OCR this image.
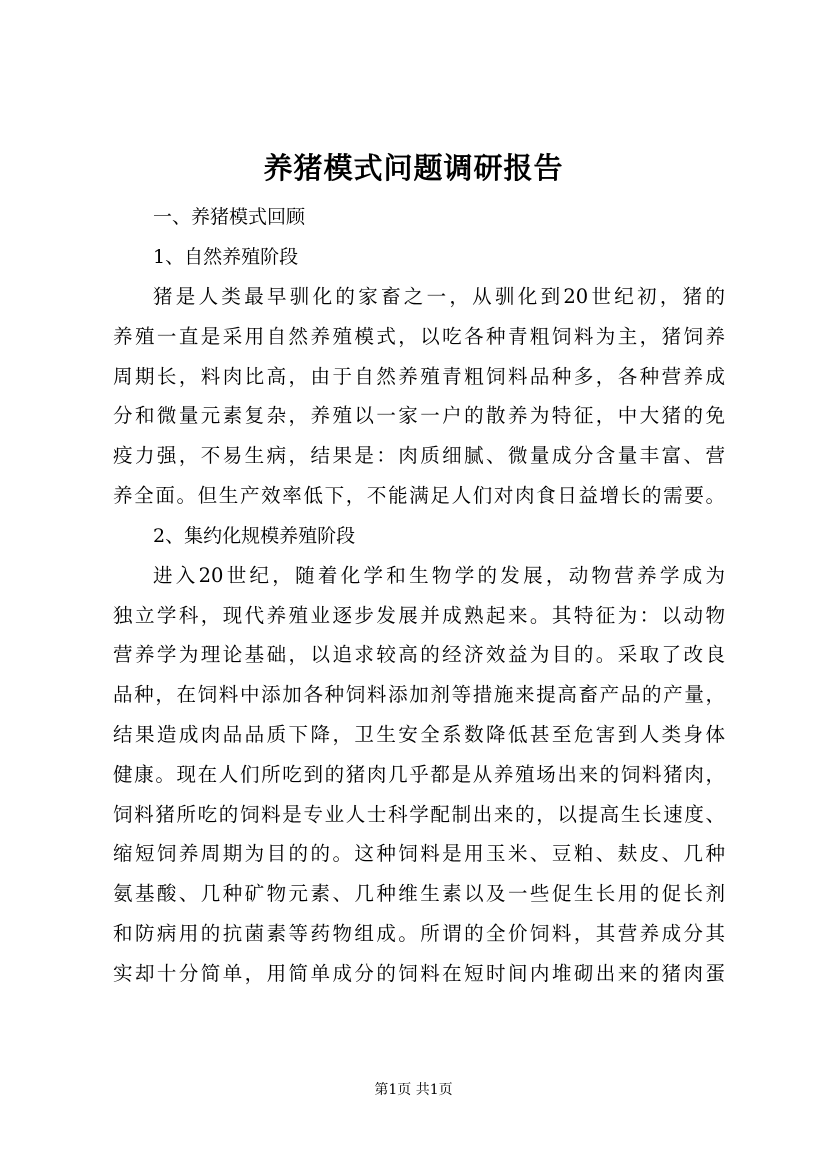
养猪模式问题调研报告

一、养猪模式回顾

1、自然养殖阶段

猪是人类最早驯化的家畜之一，从驯化到20世纪初，猪的

养殖一直是采用自然养殖模式，以吃各种青粗饲料为主，猪饲养

周期长，料肉比高，由于自然养殖青粗饲料品种多，各种营养成

分和微量元素复杂，养殖以一家一户的散养为特征，中大猪的免

疫力强，不易生病，结果是：肉质细腻、微量成分含量丰富、营

养全面。但生产效率低下，不能满足人们对肉食日益增长的需要。

2、集约化规模养殖阶段

进入20世纪，随着化学和生物学的发展，动物营养学成为

独立学科，现代养殖业逐步发展并成熟起来。其特征为：以动物

营养学为理论基础，以追求较高的经济效益为目的。采取了改良

品种，在饲料中添加各种饲料添加剂等措施来提高畜产品的产量，

结果造成肉品品质下降，卫生安全系数降低甚至危害到人类身体

健康。现在人们所吃到的猪肉几乎都是从养殖场出来的饲料猪肉，

饲料猪所吃的饲料是专业人士科学配制出来的，以提高生长速度、

缩短饲养周期为目的的。这种饲料是用玉米、豆粕、麸皮、几种

氨基酸、几种矿物元素、几种维生素以及一些促生长用的促长剂

和防病用的抗菌素等药物组成。所谓的全价饲料，其营养成分其

实却十分简单，用简单成分的饲料在短时间内堆砌出来的猪肉蛋

第1页 共1页
